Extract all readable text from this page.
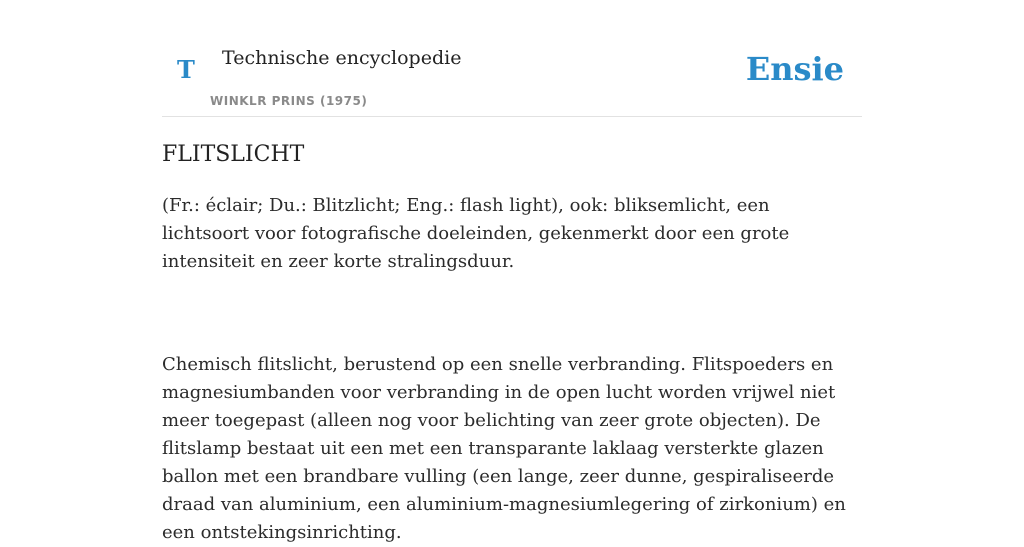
T Technische encyclopedie
WINKLR PRINS (1975)
Ensie
FLITSLICHT

(Fr.: éclair; Du.: Blitzlicht; Eng.: flash light), ook: bliksemlicht, een lichtsoort voor fotografische doeleinden, gekenmerkt door een grote intensiteit en zeer korte stralingsduur.

Chemisch flitslicht, berustend op een snelle verbranding. Flitspoeders en magnesiumbanden voor verbranding in de open lucht worden vrijwel niet meer toegepast (alleen nog voor belichting van zeer grote objecten). De flitslamp bestaat uit een met een transparante laklaag versterkte glazen ballon met een brandbare vulling (een lange, zeer dunne, gespiraliseerde draad van aluminium, een aluminium-magnesiumlegering of zirkonium) en een ontstekingsinrichting.
